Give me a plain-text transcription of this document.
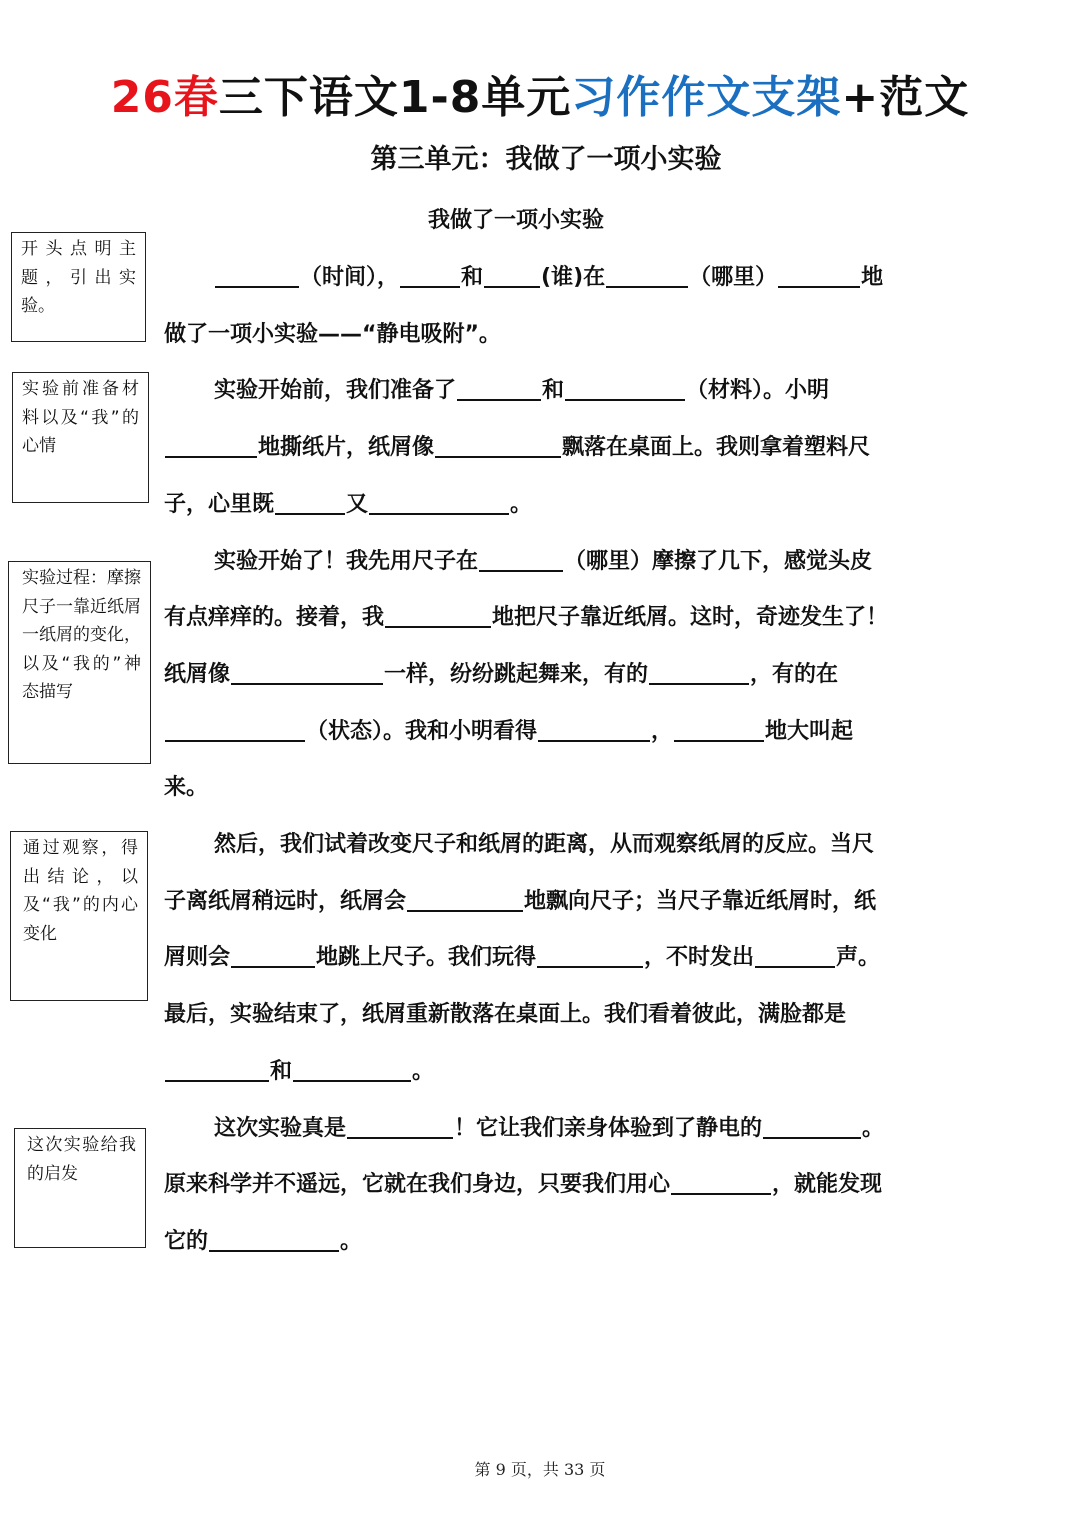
26春三下语文1-8单元习作作文支架+范文
第三单元：我做了一项小实验
我做了一项小实验
开头点明主题，引出实验。
实验前准备材料以及“我”的心情
实验过程：摩擦尺子一靠近纸屑一纸屑的变化，以及“我的”神态描写
通过观察，得出结论，以及“我”的内心变化
这次实验给我的启发

（时间），	和	(谁)在	（哪里）	地做了一项小实验——“静电吸附”。

实验开始前，我们准备了	和	（材料）。小明地撕纸片，纸屑像	飘落在桌面上。我则拿着塑料尺子，心里既	又	。

实验开始了！我先用尺子在	（哪里）摩擦了几下，感觉头皮有点痒痒的。接着，我	地把尺子靠近纸屑。这时，奇迹发生了！纸屑像	一样，纷纷跳起舞来，有的	，有的在（状态）。我和小明看得	，	地大叫起来。

然后，我们试着改变尺子和纸屑的距离，从而观察纸屑的反应。当尺子离纸屑稍远时，纸屑会	地飘向尺子；当尺子靠近纸屑时，纸屑则会	地跳上尺子。我们玩得	，不时发出	声。最后，实验结束了，纸屑重新散落在桌面上。我们看着彼此，满脸都是和	。

这次实验真是	！它让我们亲身体验到了静电的	。原来科学并不遥远，它就在我们身边，只要我们用心	，就能发现它的	。

第 9 页，共 33 页
